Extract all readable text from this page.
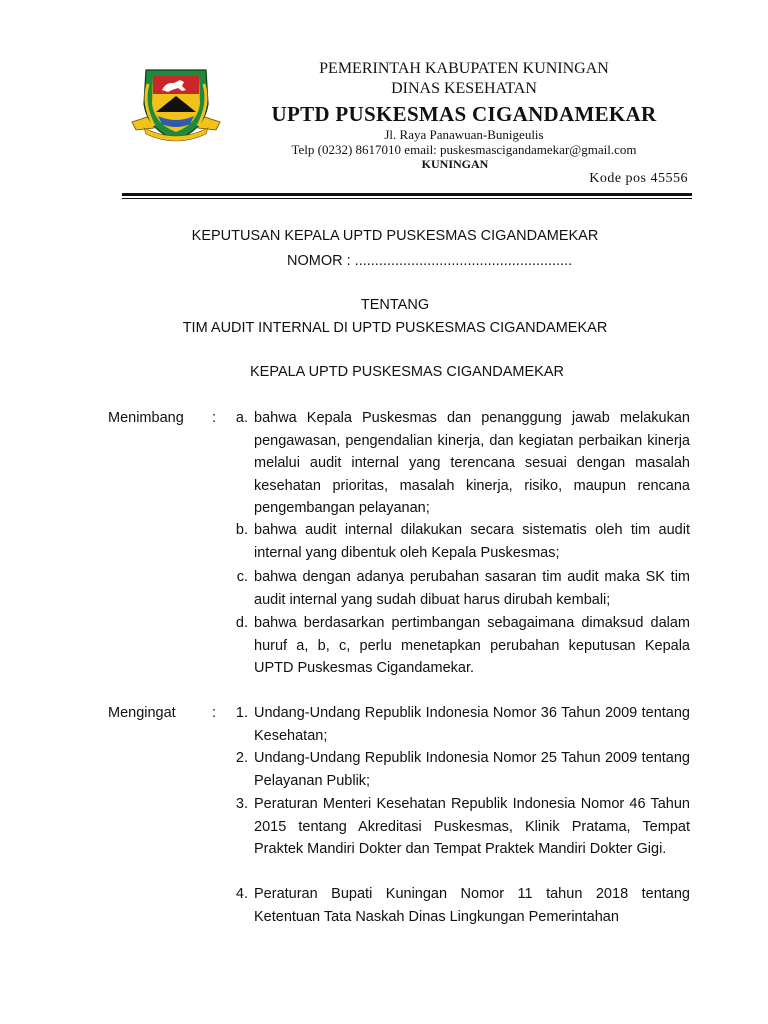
PEMERINTAH KABUPATEN KUNINGAN
DINAS KESEHATAN
UPTD PUSKESMAS CIGANDAMEKAR
Jl. Raya Panawuan-Bunigeulis
Telp (0232) 8617010 email: puskesmascigandamekar@gmail.com
KUNINGAN
Kode pos 45556
KEPUTUSAN KEPALA UPTD PUSKESMAS CIGANDAMEKAR
NOMOR : ......................................................
TENTANG
TIM AUDIT INTERNAL DI UPTD PUSKESMAS CIGANDAMEKAR
KEPALA UPTD PUSKESMAS CIGANDAMEKAR
Menimbang :	a. bahwa Kepala Puskesmas dan penanggung jawab melakukan pengawasan, pengendalian kinerja, dan kegiatan perbaikan kinerja melalui audit internal yang terencana sesuai dengan masalah kesehatan prioritas, masalah kinerja, risiko, maupun rencana pengembangan pelayanan;
b. bahwa audit internal dilakukan secara sistematis oleh tim audit internal yang dibentuk oleh Kepala Puskesmas;
c. bahwa dengan adanya perubahan sasaran tim audit maka SK tim audit internal yang sudah dibuat harus dirubah kembali;
d. bahwa berdasarkan pertimbangan sebagaimana dimaksud dalam huruf a, b, c, perlu menetapkan perubahan keputusan Kepala UPTD Puskesmas Cigandamekar.
Mengingat	:	1. Undang-Undang Republik Indonesia Nomor 36 Tahun 2009 tentang Kesehatan;
2. Undang-Undang Republik Indonesia Nomor 25 Tahun 2009 tentang Pelayanan Publik;
3. Peraturan Menteri Kesehatan Republik Indonesia Nomor 46 Tahun 2015 tentang Akreditasi Puskesmas, Klinik Pratama, Tempat Praktek Mandiri Dokter dan Tempat Praktek Mandiri Dokter Gigi.
4. Peraturan Bupati Kuningan Nomor 11 tahun 2018 tentang Ketentuan Tata Naskah Dinas Lingkungan Pemerintahan
